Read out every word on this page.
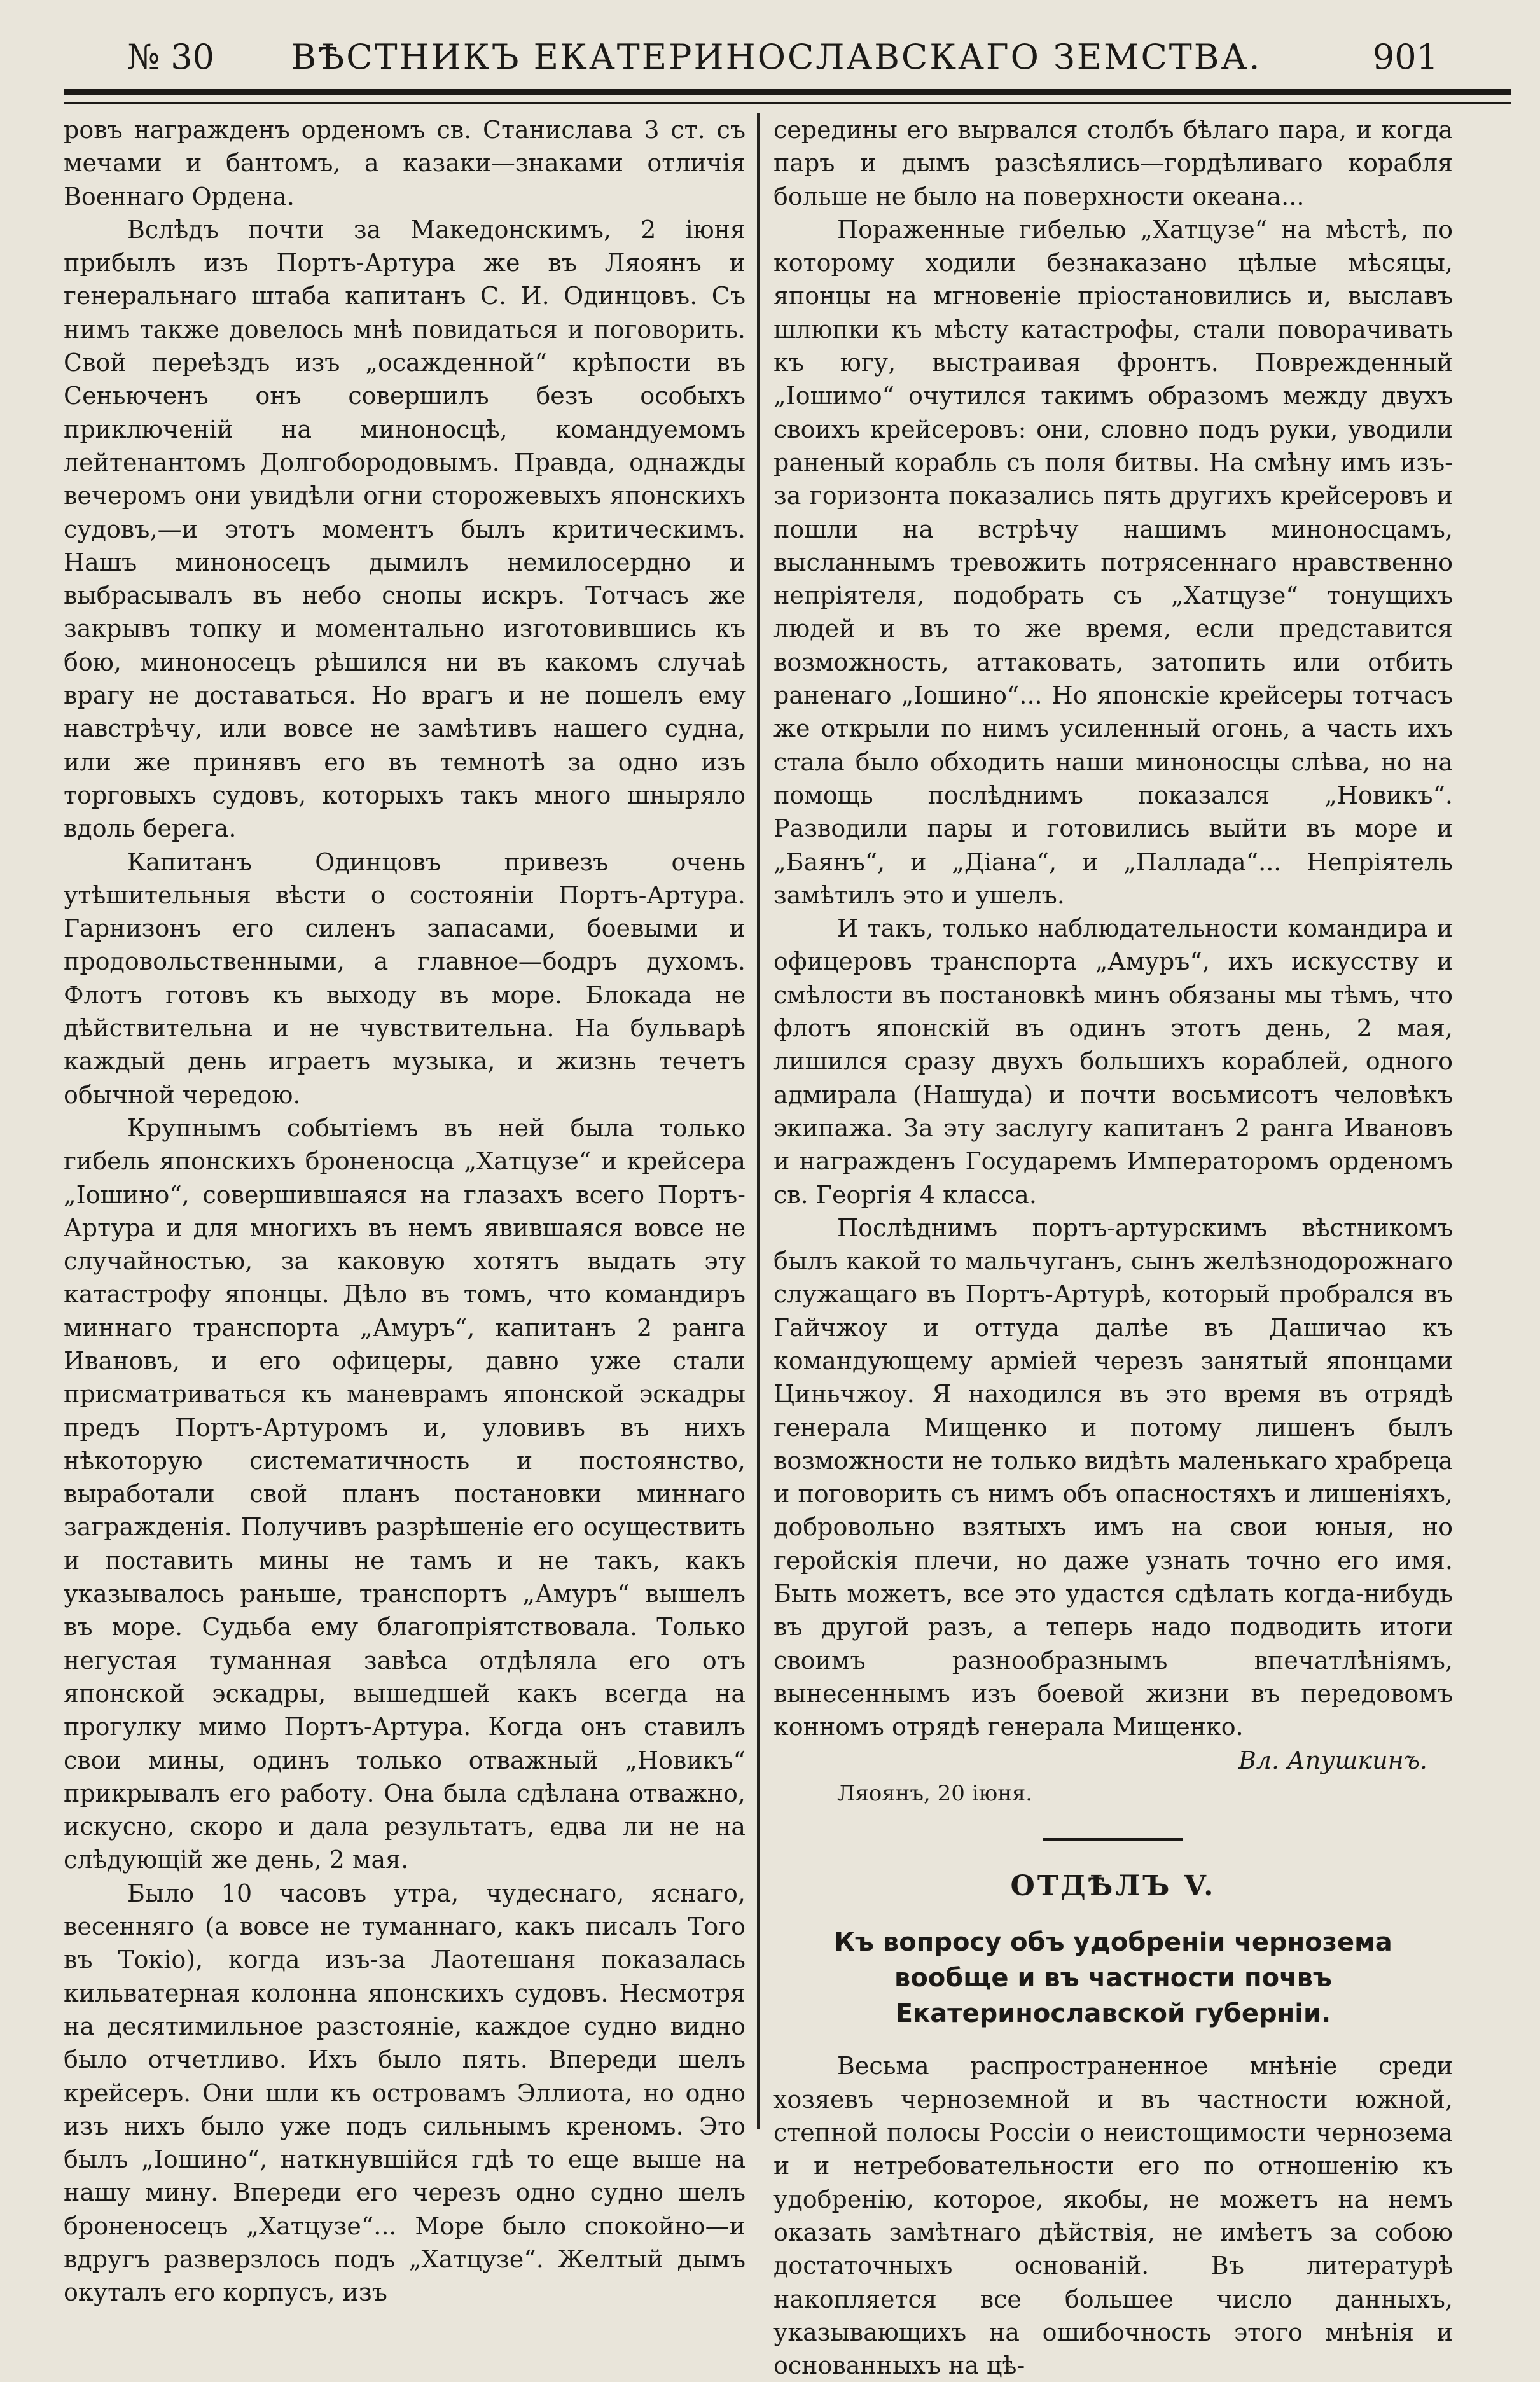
№ 30	ВѢСТНИКЪ ЕКАТЕРИНОСЛАВСКАГО ЗЕМСТВА.	901

ровъ награжденъ орденомъ св. Станислава 3 ст. съ мечами и бантомъ, а казаки—знаками отличія Военнаго Ордена.

Вслѣдъ почти за Македонскимъ, 2 іюня прибылъ изъ Портъ-Артура же въ Ляоянъ и генеральнаго штаба капитанъ С. И. Одинцовъ. Съ нимъ также довелось мнѣ повидаться и поговорить. Свой переѣздъ изъ „осажденной“ крѣпости въ Сеньюченъ онъ совершилъ безъ особыхъ приключеній на миноносцѣ, командуемомъ лейтенантомъ Долгобородовымъ. Правда, однажды вечеромъ они увидѣли огни сторожевыхъ японскихъ судовъ,—и этотъ моментъ былъ критическимъ. Нашъ миноносецъ дымилъ немилосердно и выбрасывалъ въ небо снопы искръ. Тотчасъ же закрывъ топку и моментально изготовившись къ бою, миноносецъ рѣшился ни въ какомъ случаѣ врагу не доставаться. Но врагъ и не пошелъ ему навстрѣчу, или вовсе не замѣтивъ нашего судна, или же принявъ его въ темнотѣ за одно изъ торговыхъ судовъ, которыхъ такъ много шныряло вдоль берега.

Капитанъ Одинцовъ привезъ очень утѣшительныя вѣсти о состояніи Портъ-Артура. Гарнизонъ его силенъ запасами, боевыми и продовольственными, а главное—бодръ духомъ. Флотъ готовъ къ выходу въ море. Блокада не дѣйствительна и не чувствительна. На бульварѣ каждый день играетъ музыка, и жизнь течетъ обычной чередою.

Крупнымъ событіемъ въ ней была только гибель японскихъ броненосца „Хатцузе“ и крейсера „Іошино“, совершившаяся на глазахъ всего Портъ-Артура и для многихъ въ немъ явившаяся вовсе не случайностью, за каковую хотятъ выдать эту катастрофу японцы. Дѣло въ томъ, что командиръ миннаго транспорта „Амуръ“, капитанъ 2 ранга Ивановъ, и его офицеры, давно уже стали присматриваться къ маневрамъ японской эскадры предъ Портъ-Артуромъ и, уловивъ въ нихъ нѣкоторую систематичность и постоянство, выработали свой планъ постановки миннаго загражденія. Получивъ разрѣшеніе его осуществить и поставить мины не тамъ и не такъ, какъ указывалось раньше, транспортъ „Амуръ“ вышелъ въ море. Судьба ему благопріятствовала. Только негустая туманная завѣса отдѣляла его отъ японской эскадры, вышедшей какъ всегда на прогулку мимо Портъ-Артура. Когда онъ ставилъ свои мины, одинъ только отважный „Новикъ“ прикрывалъ его работу. Она была сдѣлана отважно, искусно, скоро и дала результатъ, едва ли не на слѣдующій же день, 2 мая.

Было 10 часовъ утра, чудеснаго, яснаго, весенняго (а вовсе не туманнаго, какъ писалъ Того въ Токіо), когда изъ-за Лаотешаня показалась кильватерная колонна японскихъ судовъ. Несмотря на десятимильное разстояніе, каждое судно видно было отчетливо. Ихъ было пять. Впереди шелъ крейсеръ. Они шли къ островамъ Эллиота, но одно изъ нихъ было уже подъ сильнымъ креномъ. Это былъ „Іошино“, наткнувшійся гдѣ то еще выше на нашу мину. Впереди его черезъ одно судно шелъ броненосецъ „Хатцузе“... Море было спокойно—и вдругъ разверзлось подъ „Хатцузе“. Желтый дымъ окуталъ его корпусъ, изъ

середины его вырвался столбъ бѣлаго пара, и когда паръ и дымъ разсѣялись—гордѣливаго корабля больше не было на поверхности океана...

Пораженные гибелью „Хатцузе“ на мѣстѣ, по которому ходили безнаказано цѣлые мѣсяцы, японцы на мгновеніе пріостановились и, выславъ шлюпки къ мѣсту катастрофы, стали поворачивать къ югу, выстраивая фронтъ. Поврежденный „Іошимо“ очутился такимъ образомъ между двухъ своихъ крейсеровъ: они, словно подъ руки, уводили раненый корабль съ поля битвы. На смѣну имъ изъ-за горизонта показались пять другихъ крейсеровъ и пошли на встрѣчу нашимъ миноносцамъ, высланнымъ тревожить потрясеннаго нравственно непріятеля, подобрать съ „Хатцузе“ тонущихъ людей и въ то же время, если представится возможность, аттаковать, затопить или отбить раненаго „Іошино“... Но японскіе крейсеры тотчасъ же открыли по нимъ усиленный огонь, а часть ихъ стала было обходить наши миноносцы слѣва, но на помощь послѣднимъ показался „Новикъ“. Разводили пары и готовились выйти въ море и „Баянъ“, и „Діана“, и „Паллада“... Непріятель замѣтилъ это и ушелъ.

И такъ, только наблюдательности командира и офицеровъ транспорта „Амуръ“, ихъ искусству и смѣлости въ постановкѣ минъ обязаны мы тѣмъ, что флотъ японскій въ одинъ этотъ день, 2 мая, лишился сразу двухъ большихъ кораблей, одного адмирала (Нашуда) и почти восьмисотъ человѣкъ экипажа. За эту заслугу капитанъ 2 ранга Ивановъ и награжденъ Государемъ Императоромъ орденомъ св. Георгія 4 класса.

Послѣднимъ портъ-артурскимъ вѣстникомъ былъ какой то мальчуганъ, сынъ желѣзнодорожнаго служащаго въ Портъ-Артурѣ, который пробрался въ Гайчжоу и оттуда далѣе въ Дашичао къ командующему арміей черезъ занятый японцами Циньчжоу. Я находился въ это время въ отрядѣ генерала Мищенко и потому лишенъ былъ возможности не только видѣть маленькаго храбреца и поговорить съ нимъ объ опасностяхъ и лишеніяхъ, добровольно взятыхъ имъ на свои юныя, но геройскія плечи, но даже узнать точно его имя. Быть можетъ, все это удастся сдѣлать когда-нибудь въ другой разъ, а теперь надо подводить итоги своимъ разнообразнымъ впечатлѣніямъ, вынесеннымъ изъ боевой жизни въ передовомъ конномъ отрядѣ генерала Мищенко.

Вл. Апушкинъ.

Ляоянъ, 20 іюня.

ОТДѢЛЪ V.
Къ вопросу объ удобреніи чернозема вообще и въ частности почвъ Екатеринославской губерніи.

Весьма распространенное мнѣніе среди хозяевъ черноземной и въ частности южной, степной полосы Россіи о неистощимости чернозема и и нетребовательности его по отношенію къ удобренію, которое, якобы, не можетъ на немъ оказать замѣтнаго дѣйствія, не имѣетъ за собою достаточныхъ основаній. Въ литературѣ накопляется все большее число данныхъ, указывающихъ на ошибочность этого мнѣнія и основанныхъ на цѣ-
